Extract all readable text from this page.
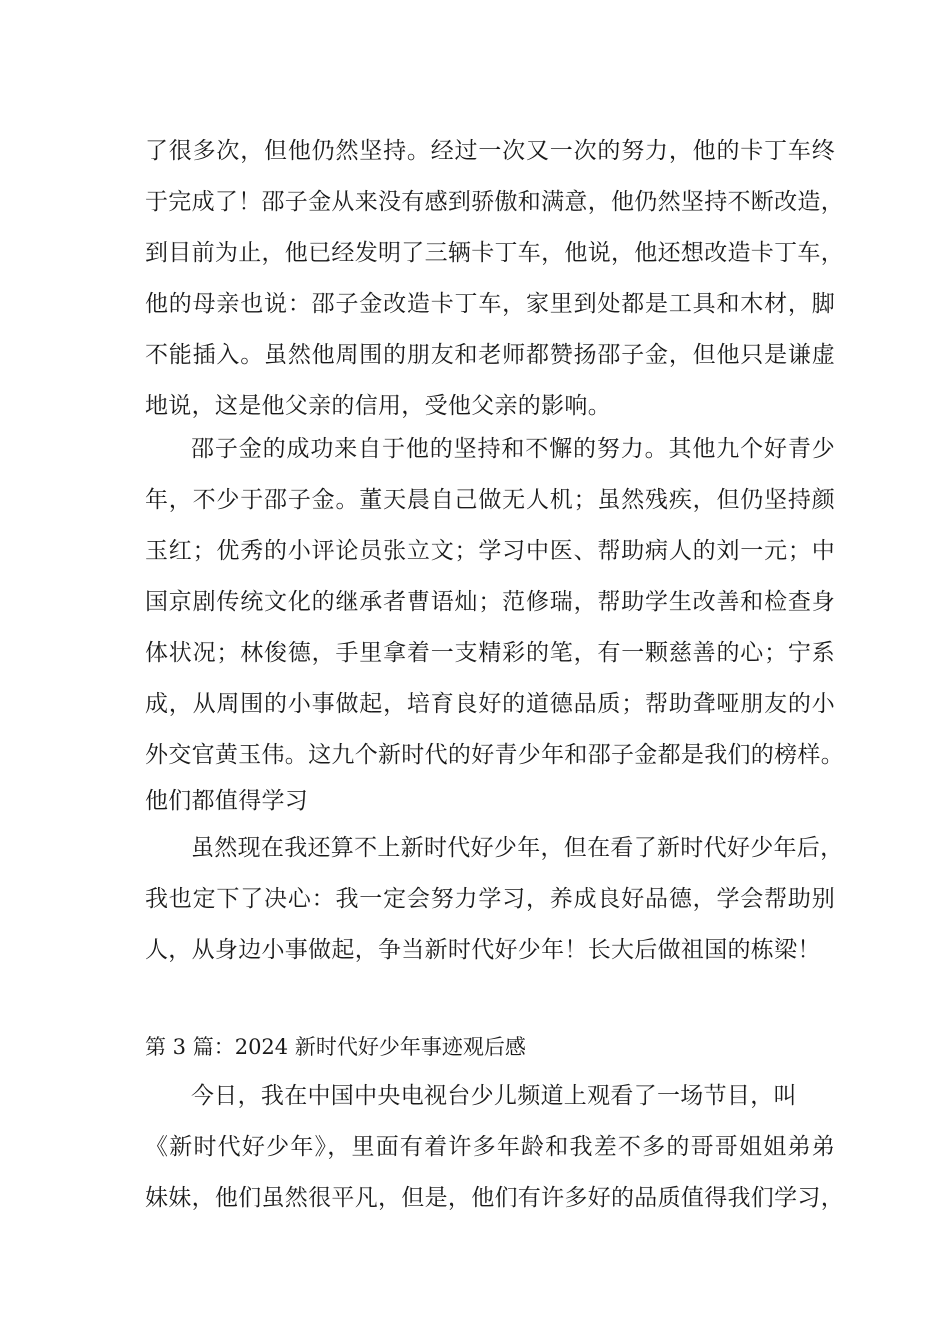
了很多次，但他仍然坚持。经过一次又一次的努力，他的卡丁车终
于完成了！邵子金从来没有感到骄傲和满意，他仍然坚持不断改造，
到目前为止，他已经发明了三辆卡丁车，他说，他还想改造卡丁车，
他的母亲也说：邵子金改造卡丁车，家里到处都是工具和木材，脚
不能插入。虽然他周围的朋友和老师都赞扬邵子金，但他只是谦虚
地说，这是他父亲的信用，受他父亲的影响。
邵子金的成功来自于他的坚持和不懈的努力。其他九个好青少
年，不少于邵子金。董天晨自己做无人机；虽然残疾，但仍坚持颜
玉红；优秀的小评论员张立文；学习中医、帮助病人的刘一元；中
国京剧传统文化的继承者曹语灿；范修瑞，帮助学生改善和检查身
体状况；林俊德，手里拿着一支精彩的笔，有一颗慈善的心；宁系
成，从周围的小事做起，培育良好的道德品质；帮助聋哑朋友的小
外交官黄玉伟。这九个新时代的好青少年和邵子金都是我们的榜样。
他们都值得学习
虽然现在我还算不上新时代好少年，但在看了新时代好少年后，
我也定下了决心：我一定会努力学习，养成良好品德，学会帮助别
人，从身边小事做起，争当新时代好少年！长大后做祖国的栋梁！
第 3 篇：2024 新时代好少年事迹观后感
今日，我在中国中央电视台少儿频道上观看了一场节目，叫
《新时代好少年》，里面有着许多年龄和我差不多的哥哥姐姐弟弟
妹妹，他们虽然很平凡，但是，他们有许多好的品质值得我们学习，
